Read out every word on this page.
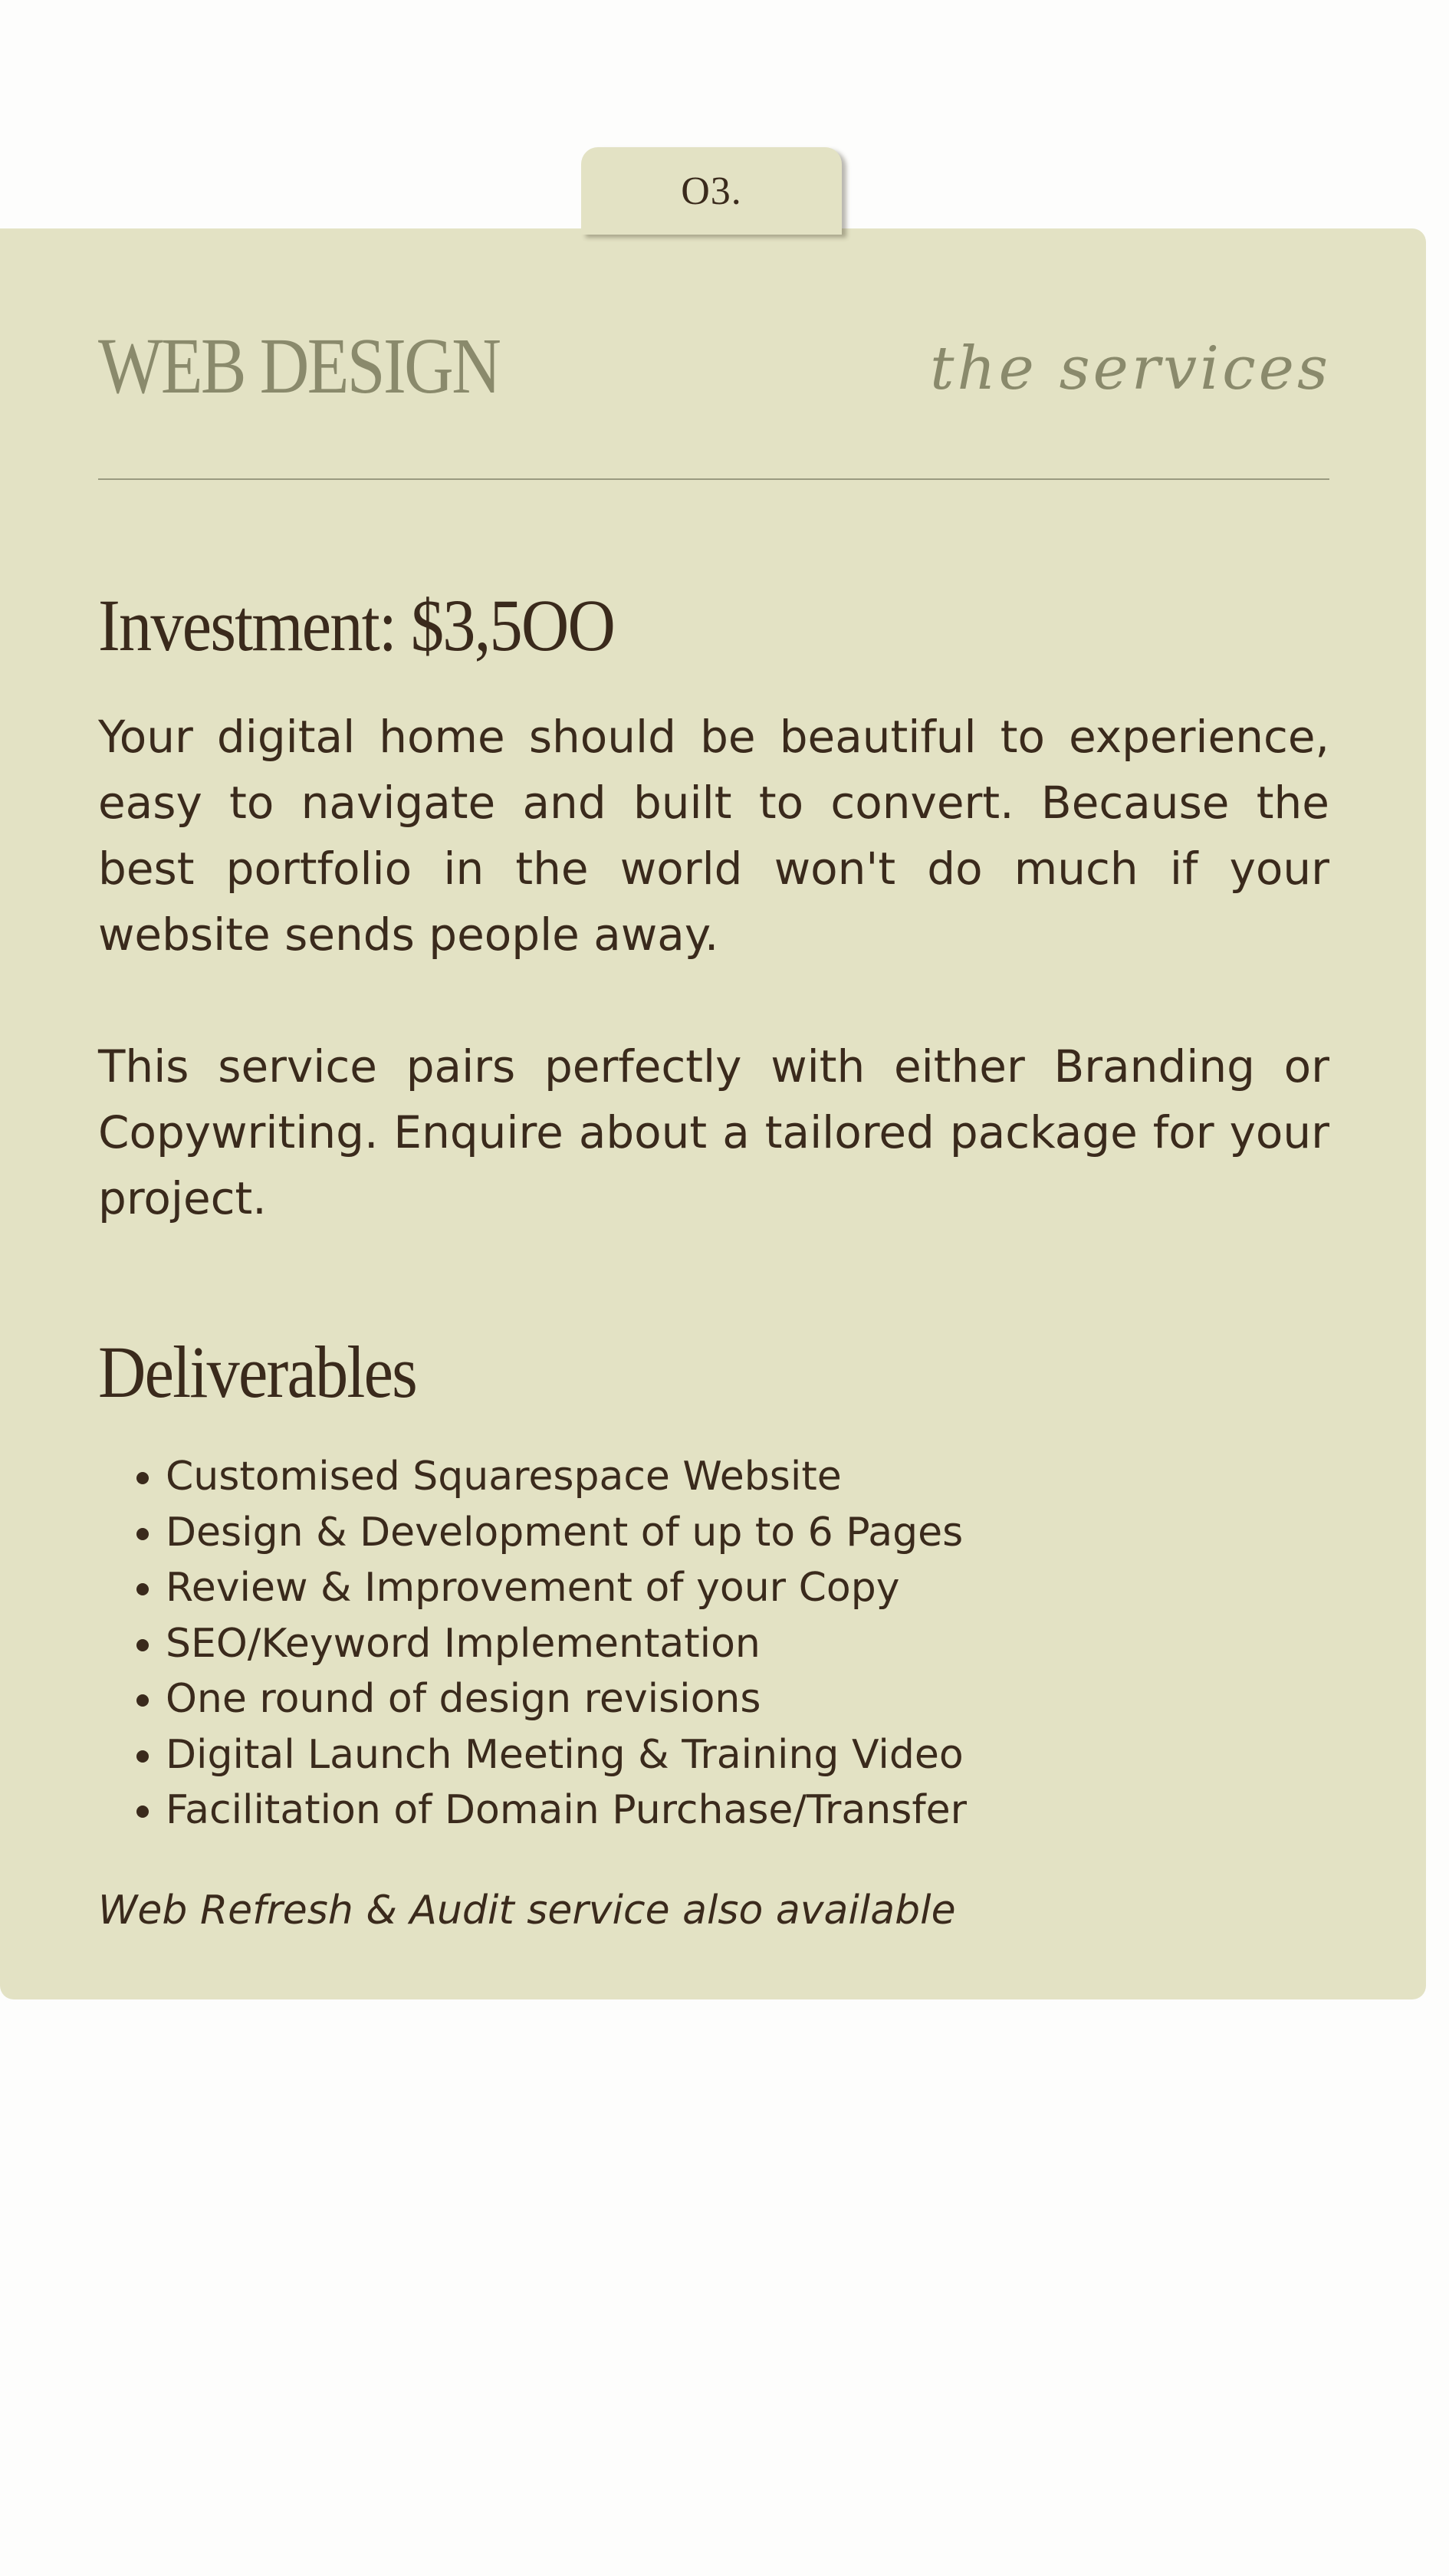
O3.
WEB DESIGN	the services
Investment: $3,5OO

Your digital home should be beautiful to experience, easy to navigate and built to convert. Because the best portfolio in the world won't do much if your website sends people away.

This service pairs perfectly with either Branding or Copywriting. Enquire about a tailored package for your project.

Deliverables
• Customised Squarespace Website
• Design & Development of up to 6 Pages
• Review & Improvement of your Copy
• SEO/Keyword Implementation
• One round of design revisions
• Digital Launch Meeting & Training Video
• Facilitation of Domain Purchase/Transfer

Web Refresh & Audit service also available
